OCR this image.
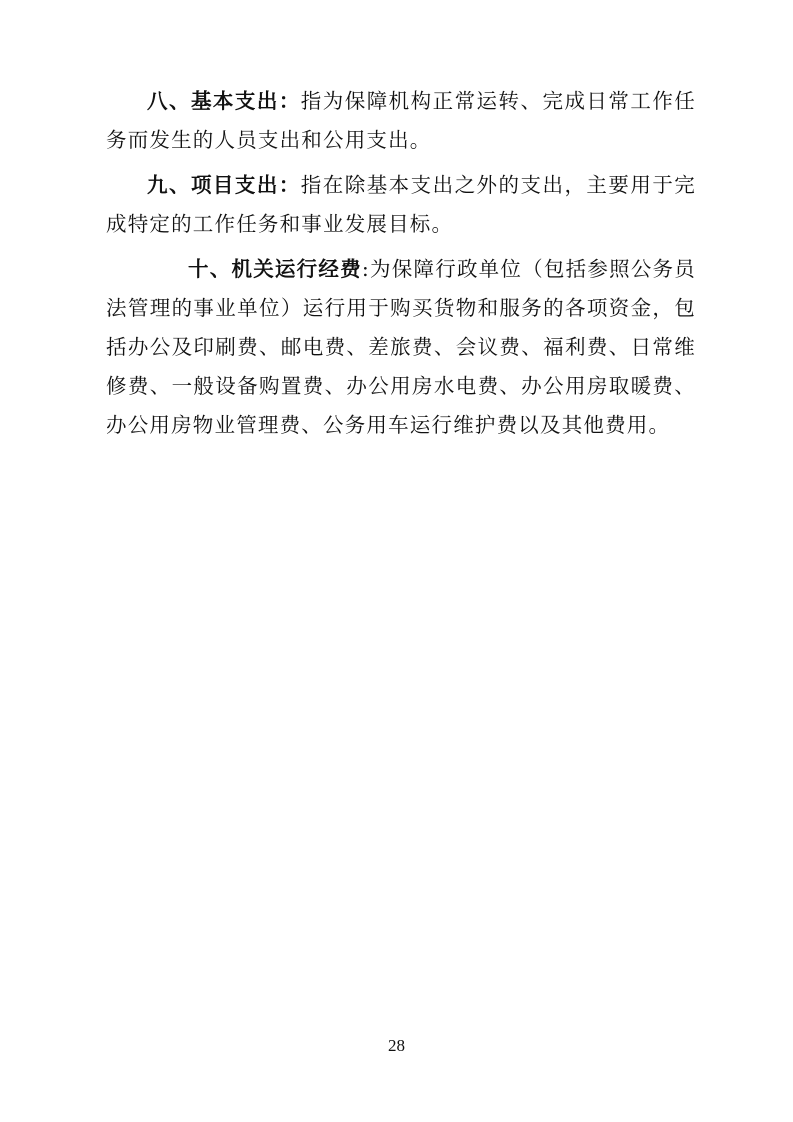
八、基本支出：指为保障机构正常运转、完成日常工作任务而发生的人员支出和公用支出。

九、项目支出：指在除基本支出之外的支出，主要用于完成特定的工作任务和事业发展目标。

十、机关运行经费:为保障行政单位（包括参照公务员法管理的事业单位）运行用于购买货物和服务的各项资金，包括办公及印刷费、邮电费、差旅费、会议费、福利费、日常维修费、一般设备购置费、办公用房水电费、办公用房取暖费、办公用房物业管理费、公务用车运行维护费以及其他费用。

28
